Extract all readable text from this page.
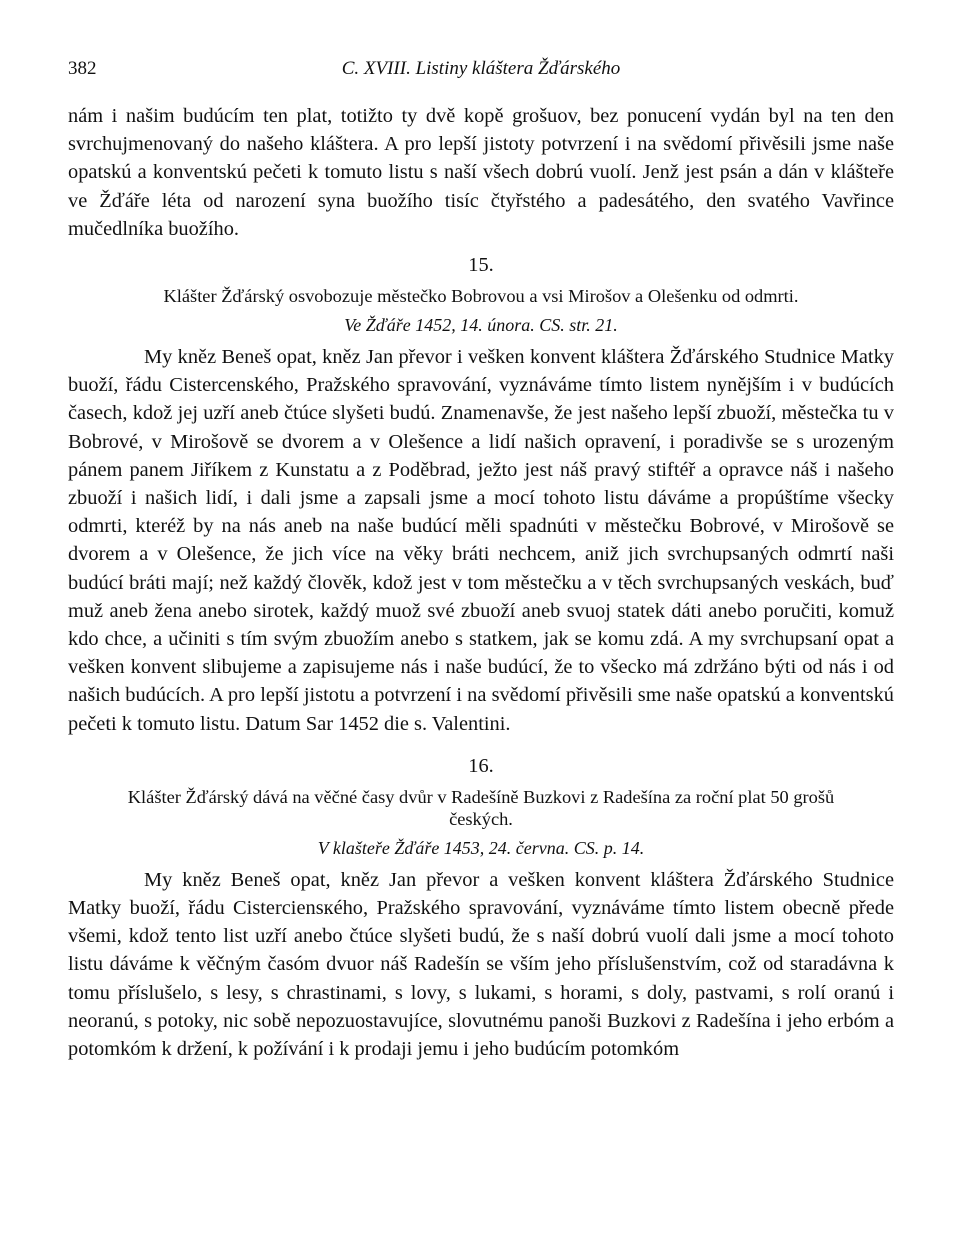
382	C. XVIII. Listiny kláštera Žďárského

nám i našim budúcím ten plat, totižto ty dvě kopě grošuov, bez ponucení vydán byl na ten den svrchujmenovaný do našeho kláštera. A pro lepší jistoty potvrzení i na svědomí přivěsili jsme naše opatskú a konventskú pečeti k tomuto listu s naší všech dobrú vuolí. Jenž jest psán a dán v klášteře ve Žďáře léta od narození syna buožího tisíc čtyřstého a padesátého, den svatého Vavřince mučedlníka buožího.

15.
Klášter Žďárský osvobozuje městečko Bobrovou a vsi Mirošov a Olešenku od odmrti.
Ve Žďáře 1452, 14. února. CS. str. 21.

My kněz Beneš opat, kněz Jan převor i vešken konvent kláštera Žďárského Studnice Matky buoží, řádu Cistercenského, Pražského spravování, vyznáváme tímto listem nynějším i v budúcích časech, kdož jej uzří aneb čtúce slyšeti budú. Znamenavše, že jest našeho lepší zbuoží, městečka tu v Bobrové, v Mirošově se dvorem a v Olešence a lidí našich opravení, i poradivše se s urozeným pánem panem Jiříkem z Kunstatu a z Poděbrad, ježto jest náš pravý stiftéř a opravce náš i našeho zbuoží i našich lidí, i dali jsme a zapsali jsme a mocí tohoto listu dáváme a propúštíme všecky odmrti, kteréž by na nás aneb na naše budúcí měli spadnúti v městečku Bobrové, v Mirošově se dvorem a v Olešence, že jich více na věky bráti nechcem, aniž jich svrchupsaných odmrtí naši budúcí bráti mají; než každý člověk, kdož jest v tom městečku a v těch svrchupsaných veskách, buď muž aneb žena anebo sirotek, každý muož své zbuoží aneb svuoj statek dáti anebo poručiti, komuž kdo chce, a učiniti s tím svým zbuožím anebo s statkem, jak se komu zdá. A my svrchupsaní opat a vešken konvent slibujeme a zapisujeme nás i naše budúcí, že to všecko má zdržáno býti od nás i od našich budúcích. A pro lepší jistotu a potvrzení i na svědomí přivěsili sme naše opatskú a konventskú pečeti k tomuto listu. Datum Sar 1452 die s. Valentini.

16.
Klášter Žďárský dává na věčné časy dvůr v Radešíně Buzkovi z Radešína za roční plat 50 grošů českých.
V klašteře Žďáře 1453, 24. června. CS. p. 14.

My kněz Beneš opat, kněz Jan převor a vešken konvent kláštera Žďárského Studnice Matky buoží, řádu Cisterciensкého, Pražského spravování, vyznáváme tímto listem obecně přede všemi, kdož tento list uzří anebo čtúce slyšeti budú, že s naší dobrú vuolí dali jsme a mocí tohoto listu dáváme k věčným časóm dvuor náš Radešín se vším jeho příslušenstvím, což od staradávna k tomu příslušelo, s lesy, s chrastinami, s lovy, s lukami, s horami, s doly, pastvami, s rolí oranú i neoranú, s potoky, nic sobě nepozuostavujíce, slovutnému panoši Buzkovi z Radešína i jeho erbóm a potomkóm k držení, k požívání i k prodaji jemu i jeho budúcím potomkóm
